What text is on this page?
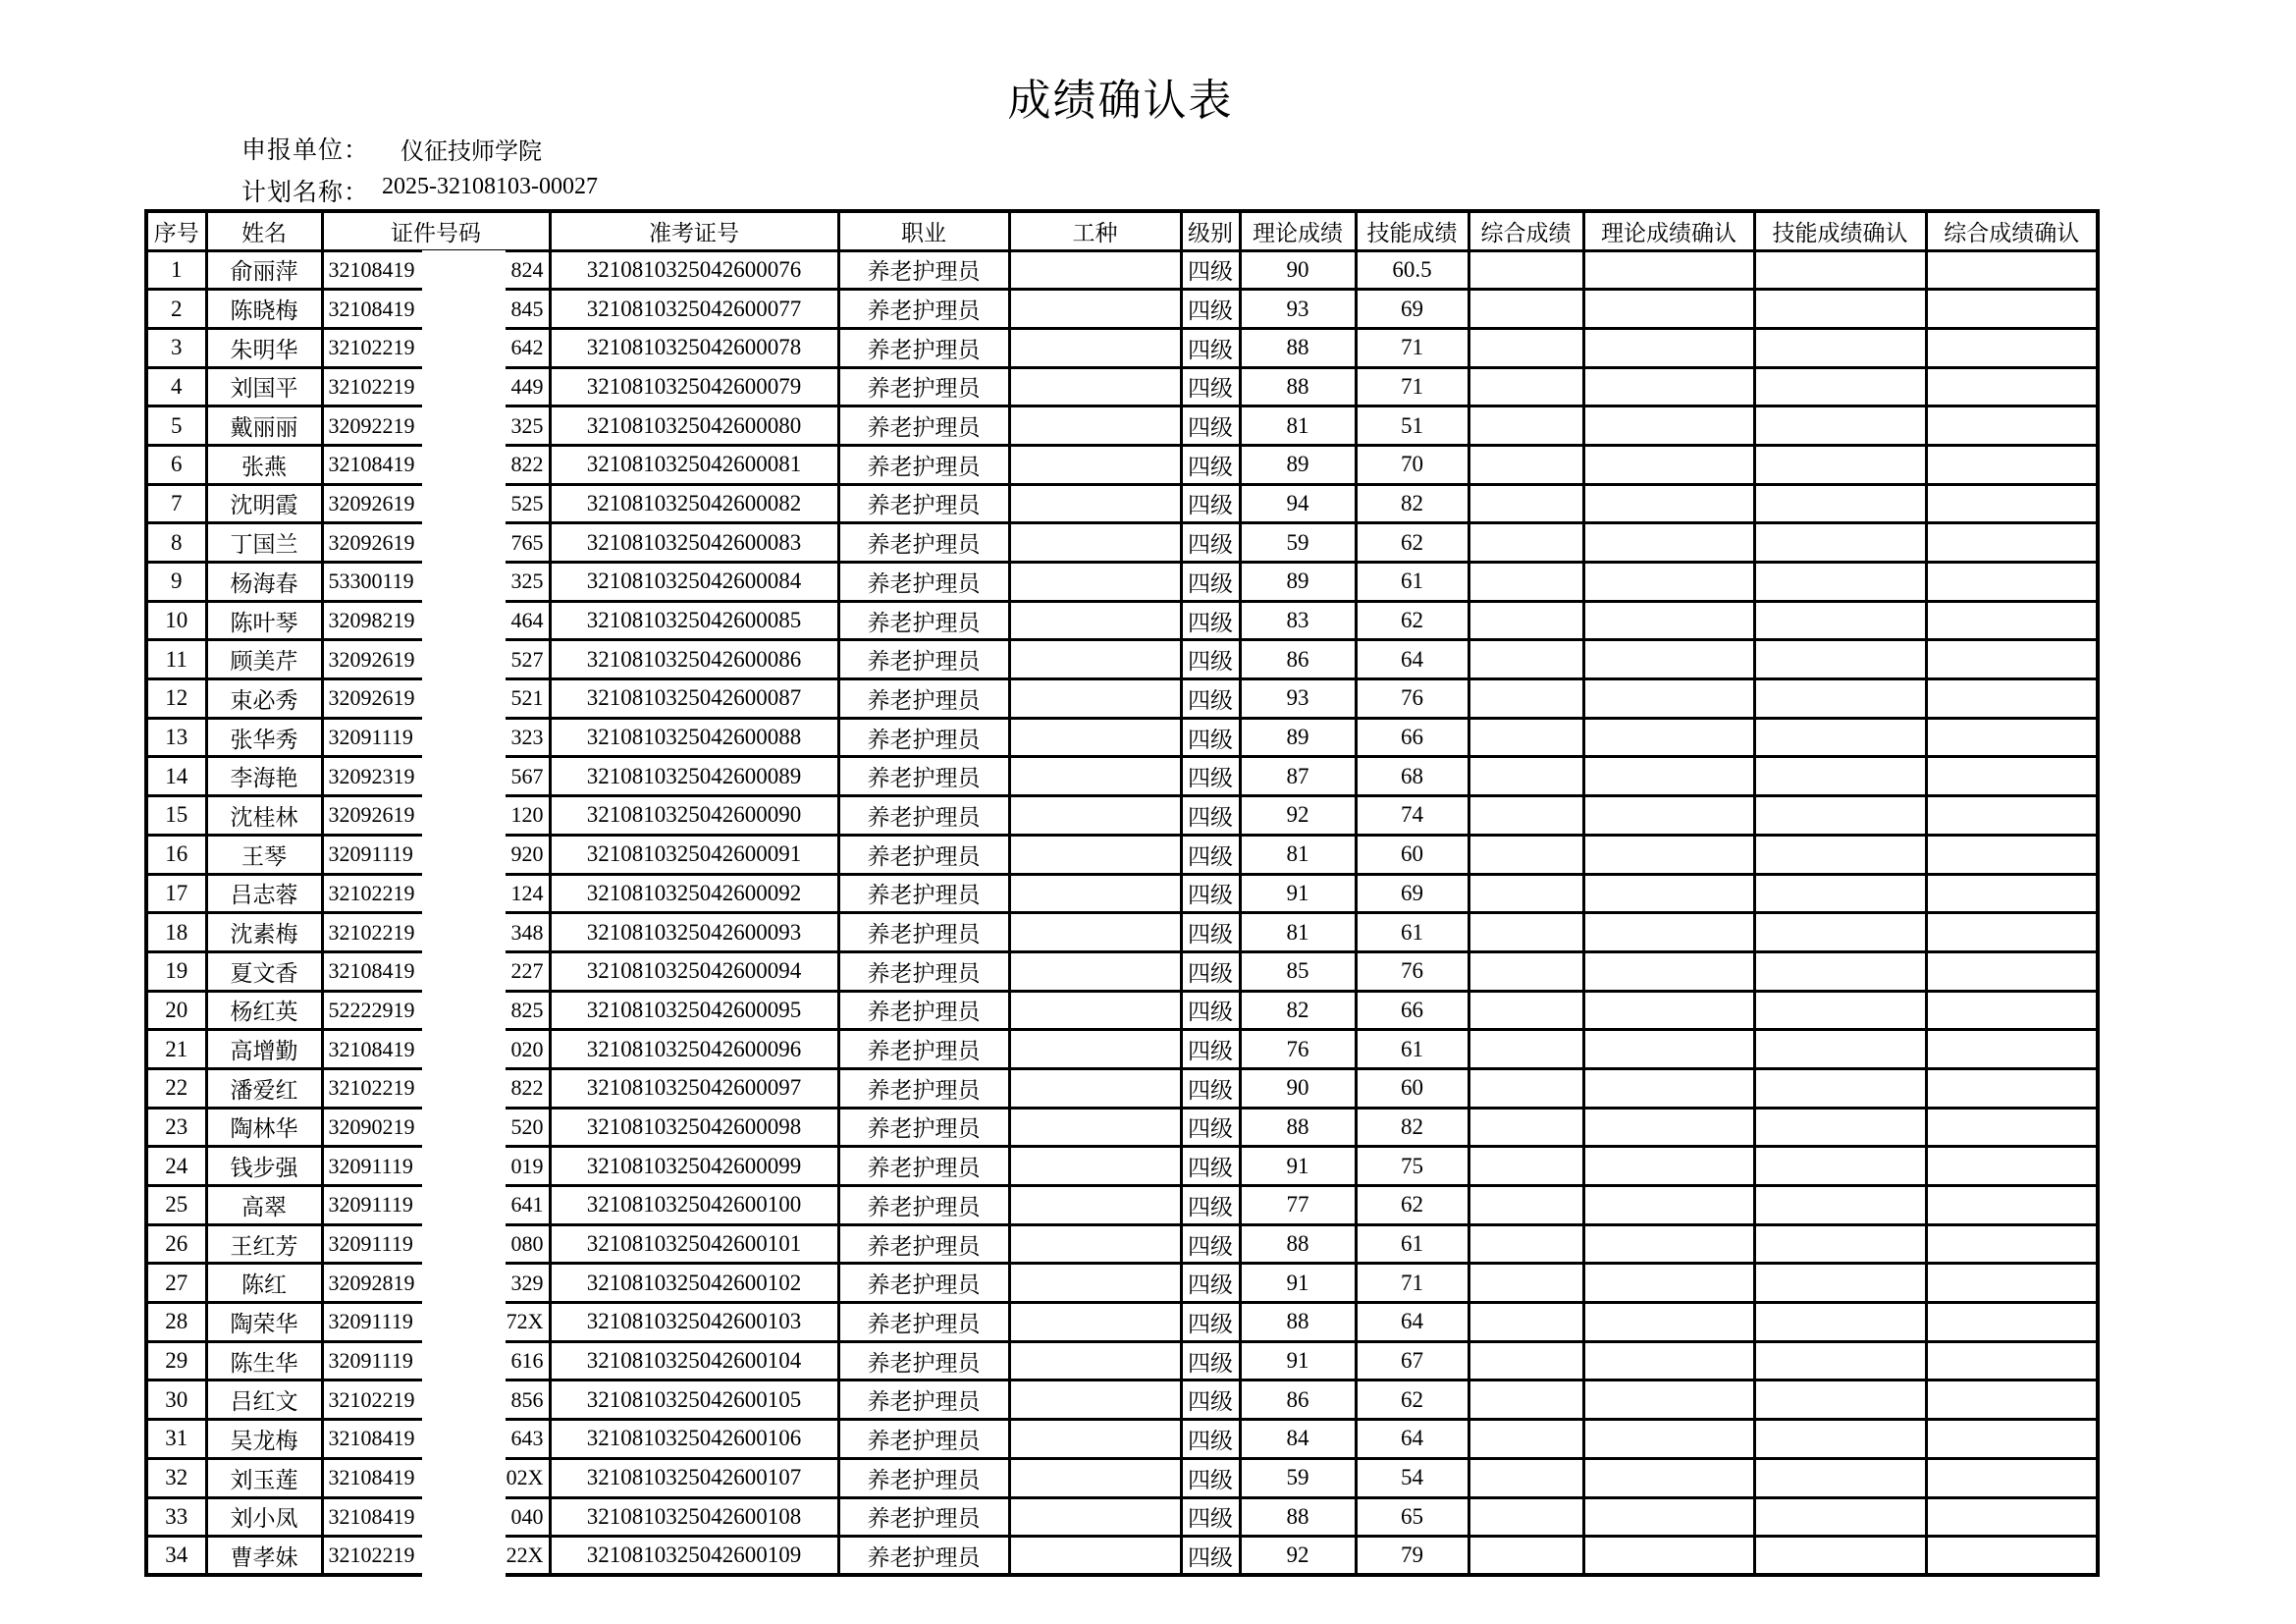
成绩确认表
申报单位： 仪征技师学院
计划名称： 2025-32108103-00027
序号	姓名	证件号码	准考证号	职业	工种	级别	理论成绩	技能成绩	综合成绩	理论成绩确认	技能成绩确认	综合成绩确认
1	俞丽萍	32108419 824	3210810325042600076	养老护理员		四级	90	60.5				
2	陈晓梅	32108419 845	3210810325042600077	养老护理员		四级	93	69				
3	朱明华	32102219 642	3210810325042600078	养老护理员		四级	88	71				
4	刘国平	32102219 449	3210810325042600079	养老护理员		四级	88	71				
5	戴丽丽	32092219 325	3210810325042600080	养老护理员		四级	81	51				
6	张燕	32108419 822	3210810325042600081	养老护理员		四级	89	70				
7	沈明霞	32092619 525	3210810325042600082	养老护理员		四级	94	82				
8	丁国兰	32092619 765	3210810325042600083	养老护理员		四级	59	62				
9	杨海春	53300119 325	3210810325042600084	养老护理员		四级	89	61				
10	陈叶琴	32098219 464	3210810325042600085	养老护理员		四级	83	62				
11	顾美芹	32092619 527	3210810325042600086	养老护理员		四级	86	64				
12	束必秀	32092619 521	3210810325042600087	养老护理员		四级	93	76				
13	张华秀	32091119 323	3210810325042600088	养老护理员		四级	89	66				
14	李海艳	32092319 567	3210810325042600089	养老护理员		四级	87	68				
15	沈桂林	32092619 120	3210810325042600090	养老护理员		四级	92	74				
16	王琴	32091119 920	3210810325042600091	养老护理员		四级	81	60				
17	吕志蓉	32102219 124	3210810325042600092	养老护理员		四级	91	69				
18	沈素梅	32102219 348	3210810325042600093	养老护理员		四级	81	61				
19	夏文香	32108419 227	3210810325042600094	养老护理员		四级	85	76				
20	杨红英	52222919 825	3210810325042600095	养老护理员		四级	82	66				
21	高增勤	32108419 020	3210810325042600096	养老护理员		四级	76	61				
22	潘爱红	32102219 822	3210810325042600097	养老护理员		四级	90	60				
23	陶林华	32090219 520	3210810325042600098	养老护理员		四级	88	82				
24	钱步强	32091119 019	3210810325042600099	养老护理员		四级	91	75				
25	高翠	32091119 641	3210810325042600100	养老护理员		四级	77	62				
26	王红芳	32091119 080	3210810325042600101	养老护理员		四级	88	61				
27	陈红	32092819 329	3210810325042600102	养老护理员		四级	91	71				
28	陶荣华	32091119 72X	3210810325042600103	养老护理员		四级	88	64				
29	陈生华	32091119 616	3210810325042600104	养老护理员		四级	91	67				
30	吕红文	32102219 856	3210810325042600105	养老护理员		四级	86	62				
31	吴龙梅	32108419 643	3210810325042600106	养老护理员		四级	84	64				
32	刘玉莲	32108419 02X	3210810325042600107	养老护理员		四级	59	54				
33	刘小凤	32108419 040	3210810325042600108	养老护理员		四级	88	65				
34	曹孝妹	32102219 22X	3210810325042600109	养老护理员		四级	92	79				
